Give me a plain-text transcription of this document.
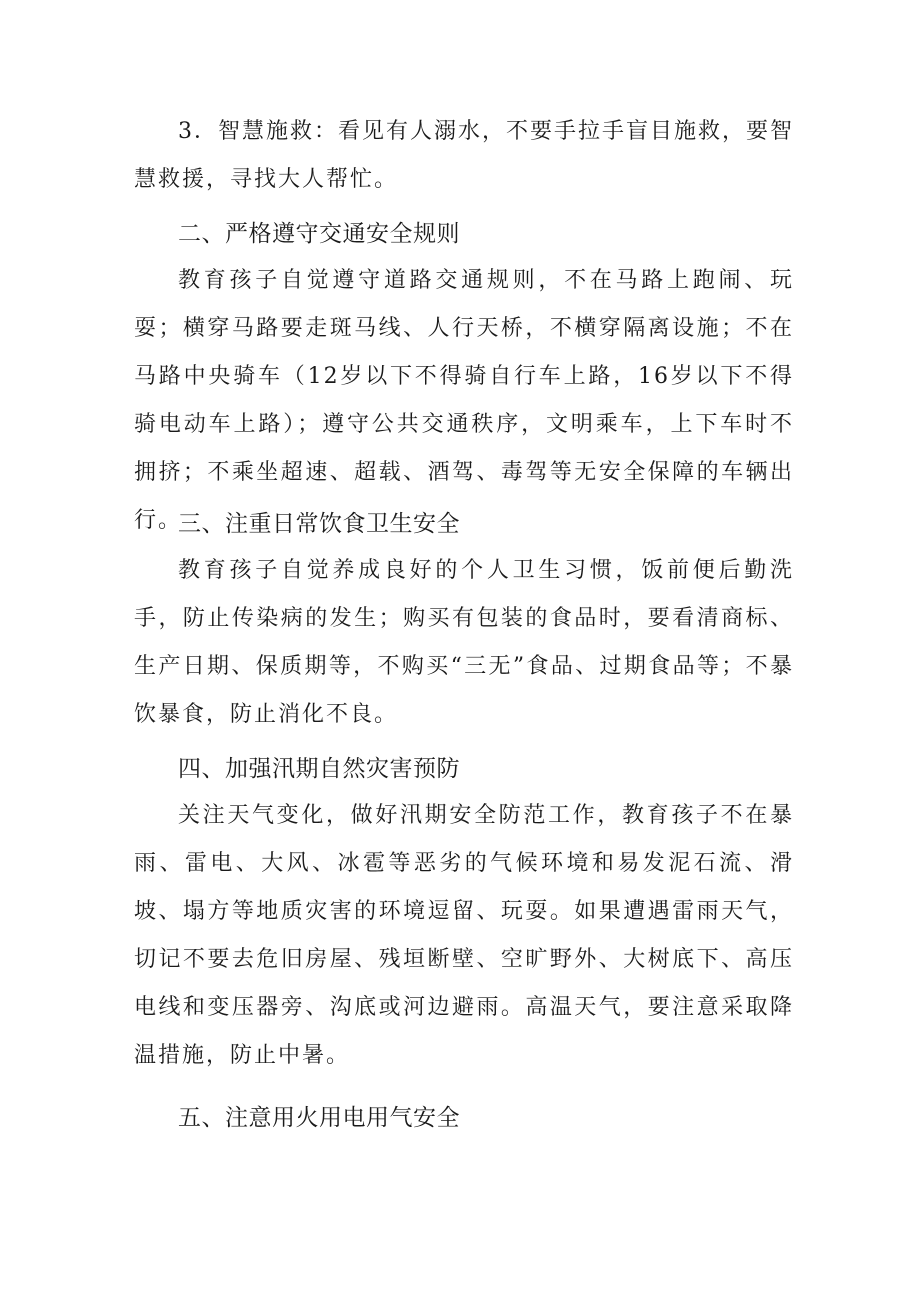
3．智慧施救：看见有人溺水，不要手拉手盲目施救，要智慧救援，寻找大人帮忙。

二、严格遵守交通安全规则

教育孩子自觉遵守道路交通规则，不在马路上跑闹、玩耍；横穿马路要走斑马线、人行天桥，不横穿隔离设施；不在马路中央骑车（12岁以下不得骑自行车上路，16岁以下不得骑电动车上路）；遵守公共交通秩序，文明乘车，上下车时不拥挤；不乘坐超速、超载、酒驾、毒驾等无安全保障的车辆出行。

三、注重日常饮食卫生安全

教育孩子自觉养成良好的个人卫生习惯，饭前便后勤洗手，防止传染病的发生；购买有包装的食品时，要看清商标、生产日期、保质期等，不购买“三无”食品、过期食品等；不暴饮暴食，防止消化不良。

四、加强汛期自然灾害预防

关注天气变化，做好汛期安全防范工作，教育孩子不在暴雨、雷电、大风、冰雹等恶劣的气候环境和易发泥石流、滑坡、塌方等地质灾害的环境逗留、玩耍。如果遭遇雷雨天气，切记不要去危旧房屋、残垣断壁、空旷野外、大树底下、高压电线和变压器旁、沟底或河边避雨。高温天气，要注意采取降温措施，防止中暑。

五、注意用火用电用气安全
